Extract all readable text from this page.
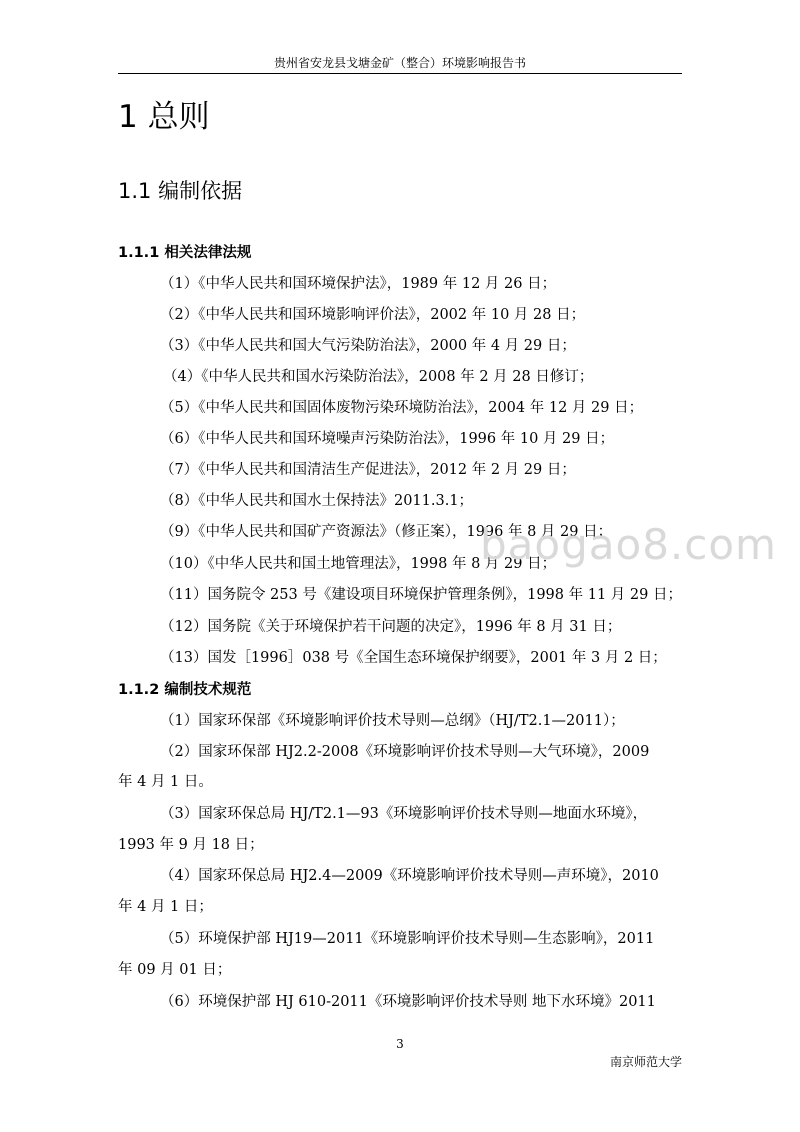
贵州省安龙县戈塘金矿（整合）环境影响报告书
1 总则
1.1 编制依据
1.1.1 相关法律法规
（1）《中华人民共和国环境保护法》，1989 年 12 月 26 日；
（2）《中华人民共和国环境影响评价法》，2002 年 10 月 28 日；
（3）《中华人民共和国大气污染防治法》，2000 年 4 月 29 日；
（4）《中华人民共和国水污染防治法》，2008 年 2 月 28 日修订；
（5）《中华人民共和国固体废物污染环境防治法》，2004 年 12 月 29 日；
（6）《中华人民共和国环境噪声污染防治法》，1996 年 10 月 29 日；
（7）《中华人民共和国清洁生产促进法》，2012 年 2 月 29 日；
（8）《中华人民共和国水土保持法》2011.3.1；
（9）《中华人民共和国矿产资源法》（修正案），1996 年 8 月 29 日；
（10）《中华人民共和国土地管理法》，1998 年 8 月 29 日；
（11）国务院令 253 号《建设项目环境保护管理条例》，1998 年 11 月 29 日；
（12）国务院《关于环境保护若干问题的决定》，1996 年 8 月 31 日；
（13）国发［1996］038 号《全国生态环境保护纲要》，2001 年 3 月 2 日；
1.1.2 编制技术规范
（1）国家环保部《环境影响评价技术导则—总纲》（HJ/T2.1—2011）；
（2）国家环保部 HJ2.2-2008《环境影响评价技术导则—大气环境》，2009
年 4 月 1 日。
（3）国家环保总局 HJ/T2.1—93《环境影响评价技术导则—地面水环境》，
1993 年 9 月 18 日；
（4）国家环保总局 HJ2.4—2009《环境影响评价技术导则—声环境》，2010
年 4 月 1 日；
（5）环境保护部 HJ19—2011《环境影响评价技术导则—生态影响》，2011
年 09 月 01 日；
（6）环境保护部 HJ 610-2011《环境影响评价技术导则 地下水环境》2011
baogao8.com
3
南京师范大学
